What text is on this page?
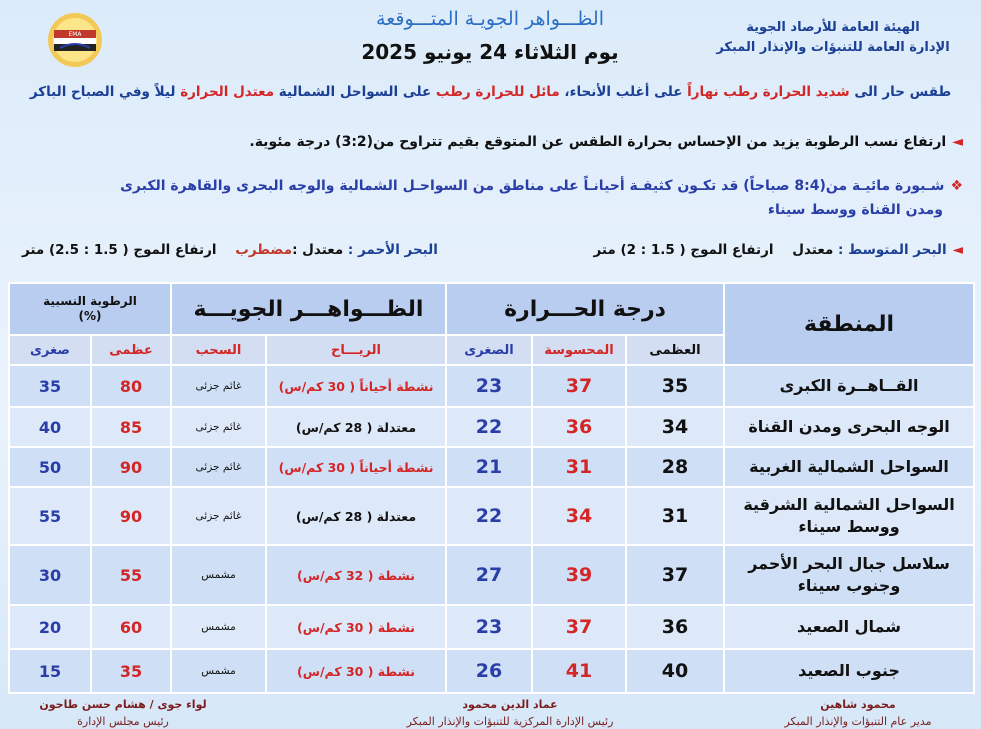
الهيئة العامة للأرصاد الجوية
الإدارة العامة للتنبؤات والإنذار المبكر
الظـــواهر الجويـة المتـــوقعة
يوم الثلاثاء 24 يونيو 2025
EMA
طقس حار الى شديد الحرارة رطب نهاراً على أغلب الأنحاء، مائل للحرارة رطب على السواحل الشمالية معتدل الحرارة ليلاً وفي الصباح الباكر
◄ارتفاع نسب الرطوبة يزيد من الإحساس بحرارة الطقس عن المتوقع بقيم تتراوح من(3:2) درجة مئوية.
❖شـبورة مائيـة من(8:4 صباحاً) قد تكـون كثيفـة أحيانـاً على مناطق من السواحـل الشمالية والوجه البحرى والقاهرة الكبرى
ومدن القناة ووسط سيناء
◄البحر المتوسط : معتدل    ارتفاع الموج ( 1.5 : 2) متر
البحر الأحمر : معتدل :مضطرب    ارتفاع الموج ( 1.5 : 2.5) متر
المنطقة	درجة الحـــرارة			الظـــواهـــر الجويـــة		الرطوبة النسبية
(%)	

	العظمى	المحسوسة	الصغرى	الريـــاح	السحب	عظمى	صغرى
القــاهــرة الكبرى	35	37	23	نشطة أحياناً ( 30 كم/س)	غائم جزئى	80	35
الوجه البحرى ومدن القناة	34	36	22	معتدلة ( 28 كم/س)	غائم جزئى	85	40
السواحل الشمالية الغربية	28	31	21	نشطة أحياناً ( 30 كم/س)	غائم جزئى	90	50

السواحل الشمالية الشرقية
ووسط سيناء	31	34	22	معتدلة ( 28 كم/س)	غائم جزئى	90	55

سلاسل جبال البحر الأحمر
وجنوب سيناء	37	39	27	نشطة ( 32 كم/س)	مشمس	55	30
شمال الصعيد	36	37	23	نشطة ( 30 كم/س)	مشمس	60	20
جنوب الصعيد	40	41	26	نشطة ( 30 كم/س)	مشمس	35	15
محمود شاهين
مدير عام التنبؤات والإنذار المبكر
عماد الدين محمود
رئيس الإدارة المركزية للتنبؤات والإنذار المبكر
لواء جوى / هشام حسن طاحون
رئيس مجلس الإدارة
